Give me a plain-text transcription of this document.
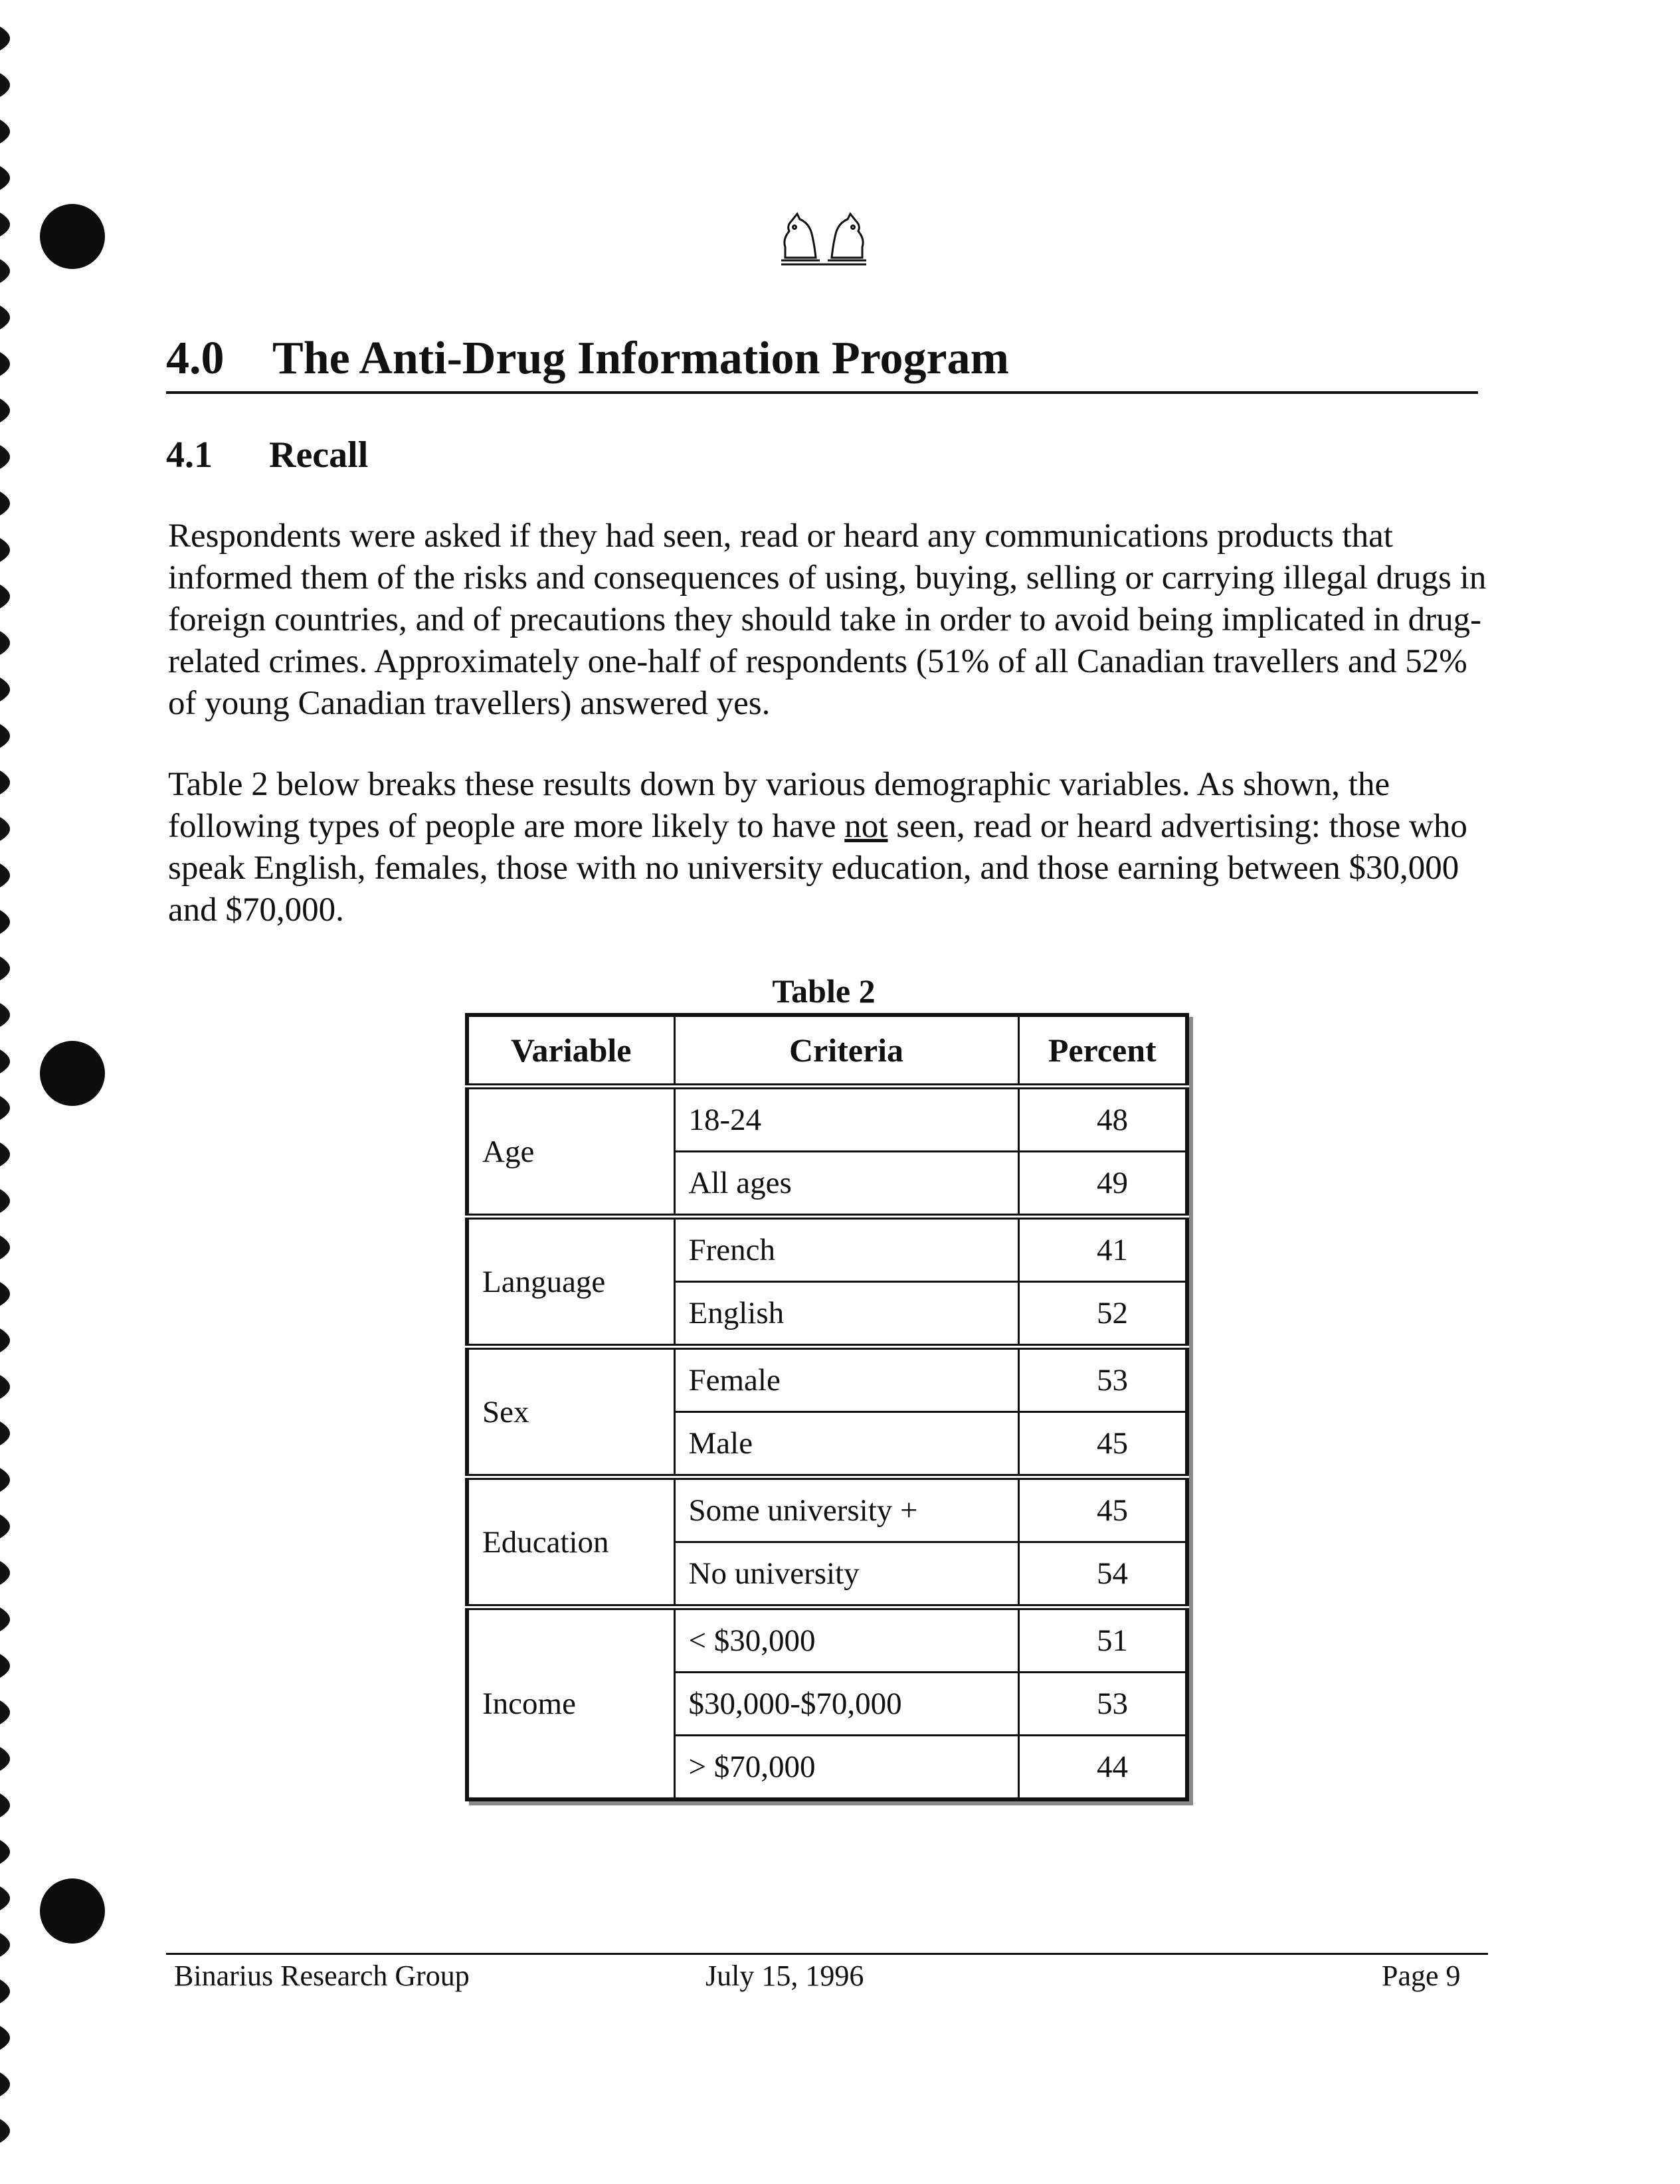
4.0 The Anti-Drug Information Program
4.1 Recall

Respondents were asked if they had seen, read or heard any communications products that informed them of the risks and consequences of using, buying, selling or carrying illegal drugs in foreign countries, and of precautions they should take in order to avoid being implicated in drug-related crimes. Approximately one-half of respondents (51% of all Canadian travellers and 52% of young Canadian travellers) answered yes.

Table 2 below breaks these results down by various demographic variables. As shown, the following types of people are more likely to have not seen, read or heard advertising: those who speak English, females, those with no university education, and those earning between $30,000 and $70,000.

Table 2
Variable	Criteria	Percent
Age	18-24	48
	All ages	49
Language	French	41
	English	52
Sex	Female	53
	Male	45
Education	Some university +	45
	No university	54
Income	< $30,000	51
	$30,000-$70,000	53
	> $70,000	44
Binarius Research Group	July 15, 1996	Page 9
